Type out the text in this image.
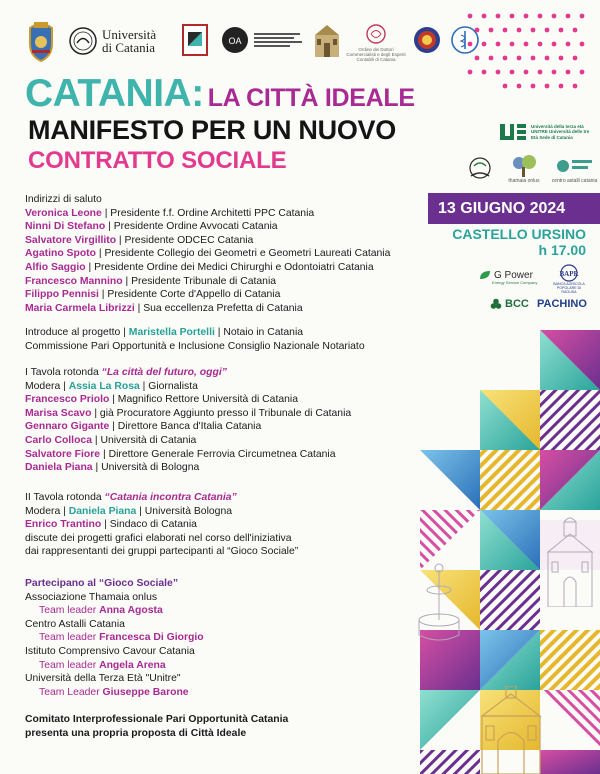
Università
di Catania	OA
Ordine dei Dottori Commercialisti e degli Esperti Contabili di Catania
CATANIA: LA CITTÀ IDEALE
MANIFESTO PER UN NUOVO
CONTRATTO SOCIALE
Università della terza età UNITRE Università delle tre Età Sede di Catania
thamaia onlus centro astalli catania
13 GIUGNO 2024
CASTELLO URSINO
h 17.00
G Power
Energy Service Company
BAPR
BANCA AGRICOLA POPOLARE DI RAGUSA
BCC PACHINO
Indirizzi di saluto
Veronica Leone | Presidente f.f. Ordine Architetti PPC Catania
Ninni Di Stefano | Presidente Ordine Avvocati Catania
Salvatore Virgillito | Presidente ODCEC Catania
Agatino Spoto | Presidente Collegio dei Geometri e Geometri Laureati Catania
Alfio Saggio | Presidente Ordine dei Medici Chirurghi e Odontoiatri Catania
Francesco Mannino | Presidente Tribunale di Catania
Filippo Pennisi | Presidente Corte d'Appello di Catania
Maria Carmela Librizzi | Sua eccellenza Prefetta di Catania
Introduce al progetto | Maristella Portelli | Notaio in Catania
Commissione Pari Opportunità e Inclusione Consiglio Nazionale Notariato
I Tavola rotonda “La città del futuro, oggi”
Modera | Assia La Rosa | Giornalista
Francesco Priolo | Magnifico Rettore Università di Catania
Marisa Scavo | già Procuratore Aggiunto presso il Tribunale di Catania
Gennaro Gigante | Direttore Banca d'Italia Catania
Carlo Colloca | Università di Catania
Salvatore Fiore | Direttore Generale Ferrovia Circumetnea Catania
Daniela Piana | Università di Bologna
II Tavola rotonda “Catania incontra Catania”
Modera | Daniela Piana | Università Bologna
Enrico Trantino | Sindaco di Catania
discute dei progetti grafici elaborati nel corso dell'iniziativa
dai rappresentanti dei gruppi partecipanti al “Gioco Sociale”
Partecipano al “Gioco Sociale”
Associazione Thamaia onlus
Team leader Anna Agosta
Centro Astalli Catania
Team leader Francesca Di Giorgio
Istituto Comprensivo Cavour Catania
Team leader Angela Arena
Università della Terza Età "Unitre"
Team Leader Giuseppe Barone
Comitato Interprofessionale Pari Opportunità Catania
presenta una propria proposta di Città Ideale
